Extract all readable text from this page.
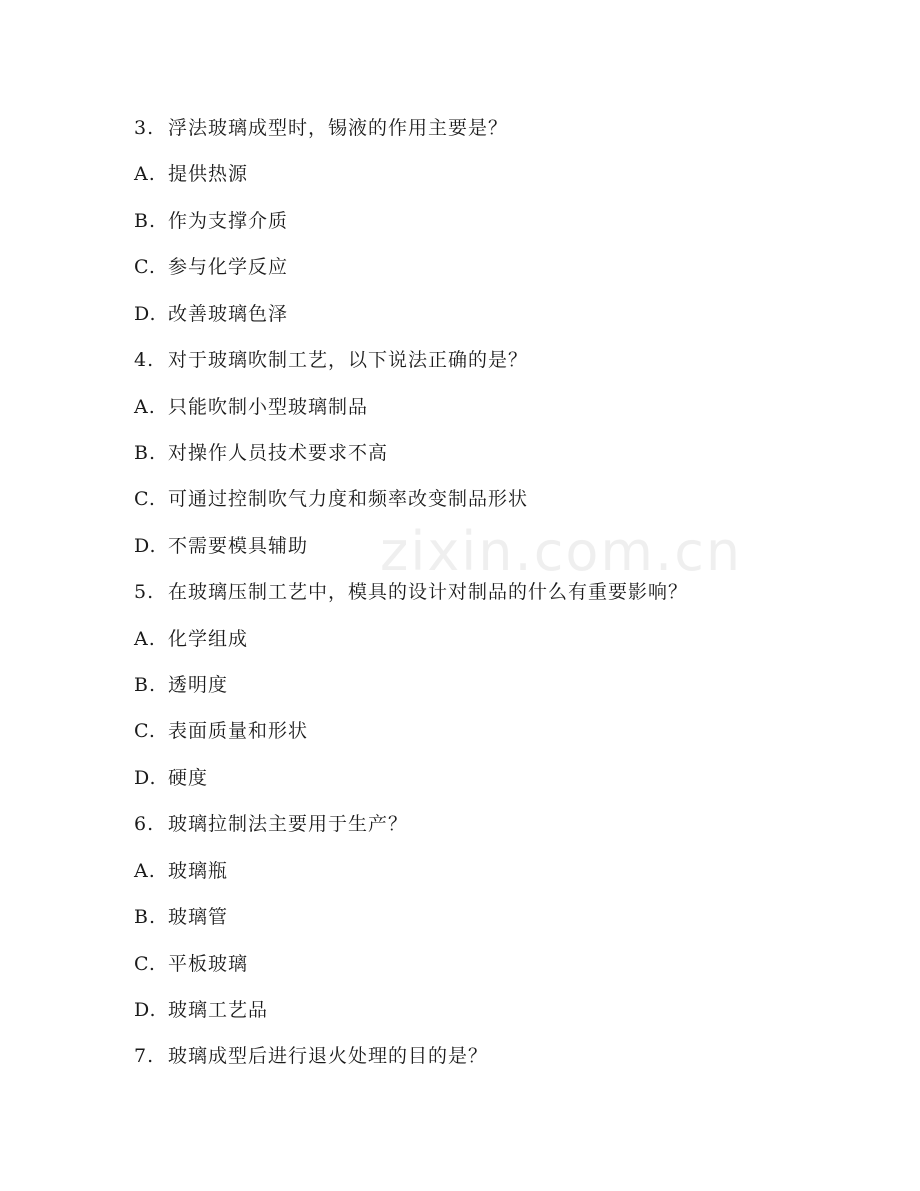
zixin.com.cn
3. 浮法玻璃成型时，锡液的作用主要是？
A. 提供热源
B. 作为支撑介质
C. 参与化学反应
D. 改善玻璃色泽
4. 对于玻璃吹制工艺，以下说法正确的是？
A. 只能吹制小型玻璃制品
B. 对操作人员技术要求不高
C. 可通过控制吹气力度和频率改变制品形状
D. 不需要模具辅助
5. 在玻璃压制工艺中，模具的设计对制品的什么有重要影响？
A. 化学组成
B. 透明度
C. 表面质量和形状
D. 硬度
6. 玻璃拉制法主要用于生产？
A. 玻璃瓶
B. 玻璃管
C. 平板玻璃
D. 玻璃工艺品
7. 玻璃成型后进行退火处理的目的是？
